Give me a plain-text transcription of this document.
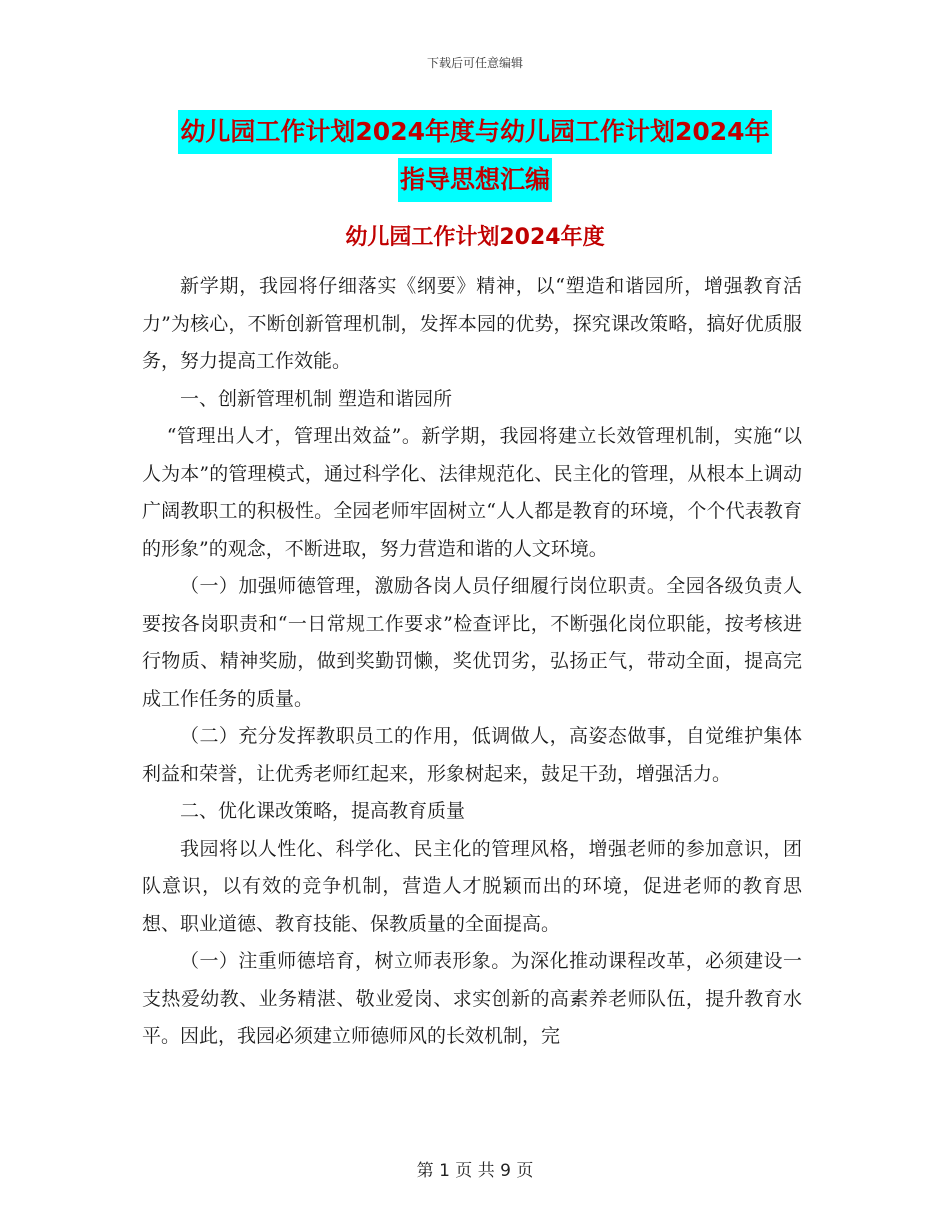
下载后可任意编辑
幼儿园工作计划2024年度与幼儿园工作计划2024年
指导思想汇编
幼儿园工作计划2024年度

新学期，我园将仔细落实《纲要》精神，以“塑造和谐园所，增强教育活力”为核心，不断创新管理机制，发挥本园的优势，探究课改策略，搞好优质服务，努力提高工作效能。

一、创新管理机制 塑造和谐园所

“管理出人才，管理出效益”。新学期，我园将建立长效管理机制，实施“以人为本”的管理模式，通过科学化、法律规范化、民主化的管理，从根本上调动广阔教职工的积极性。全园老师牢固树立“人人都是教育的环境，个个代表教育的形象”的观念，不断进取，努力营造和谐的人文环境。

（一）加强师德管理，激励各岗人员仔细履行岗位职责。全园各级负责人要按各岗职责和“一日常规工作要求”检查评比，不断强化岗位职能，按考核进行物质、精神奖励，做到奖勤罚懒，奖优罚劣，弘扬正气，带动全面，提高完成工作任务的质量。

（二）充分发挥教职员工的作用，低调做人，高姿态做事，自觉维护集体利益和荣誉，让优秀老师红起来，形象树起来，鼓足干劲，增强活力。

二、优化课改策略，提高教育质量

我园将以人性化、科学化、民主化的管理风格，增强老师的参加意识，团队意识，以有效的竞争机制，营造人才脱颖而出的环境，促进老师的教育思想、职业道德、教育技能、保教质量的全面提高。

（一）注重师德培育，树立师表形象。为深化推动课程改革，必须建设一支热爱幼教、业务精湛、敬业爱岗、求实创新的高素养老师队伍，提升教育水平。因此，我园必须建立师德师风的长效机制，完

第 1 页 共 9 页
